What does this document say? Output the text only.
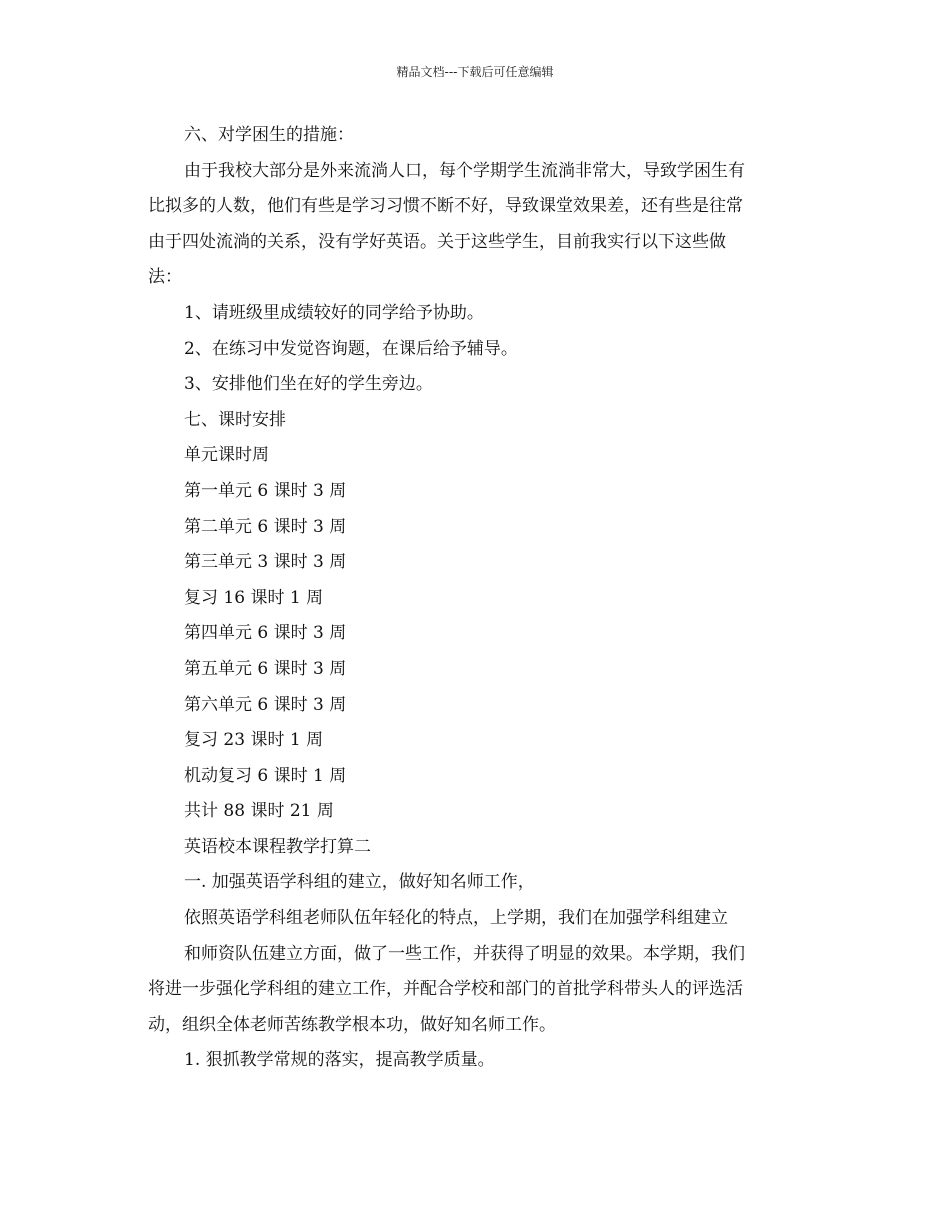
精品文档---下载后可任意编辑
六、对学困生的措施：
由于我校大部分是外来流淌人口，每个学期学生流淌非常大，导致学困生有
比拟多的人数，他们有些是学习习惯不断不好，导致课堂效果差，还有些是往常
由于四处流淌的关系，没有学好英语。关于这些学生，目前我实行以下这些做
法：
1、请班级里成绩较好的同学给予协助。
2、在练习中发觉咨询题，在课后给予辅导。
3、安排他们坐在好的学生旁边。
七、课时安排
单元课时周
第一单元 6 课时 3 周
第二单元 6 课时 3 周
第三单元 3 课时 3 周
复习 16 课时 1 周
第四单元 6 课时 3 周
第五单元 6 课时 3 周
第六单元 6 课时 3 周
复习 23 课时 1 周
机动复习 6 课时 1 周
共计 88 课时 21 周
英语校本课程教学打算二
一. 加强英语学科组的建立，做好知名师工作，
依照英语学科组老师队伍年轻化的特点，上学期，我们在加强学科组建立
和师资队伍建立方面，做了一些工作，并获得了明显的效果。本学期，我们
将进一步强化学科组的建立工作，并配合学校和部门的首批学科带头人的评选活
动，组织全体老师苦练教学根本功，做好知名师工作。
1. 狠抓教学常规的落实，提高教学质量。
